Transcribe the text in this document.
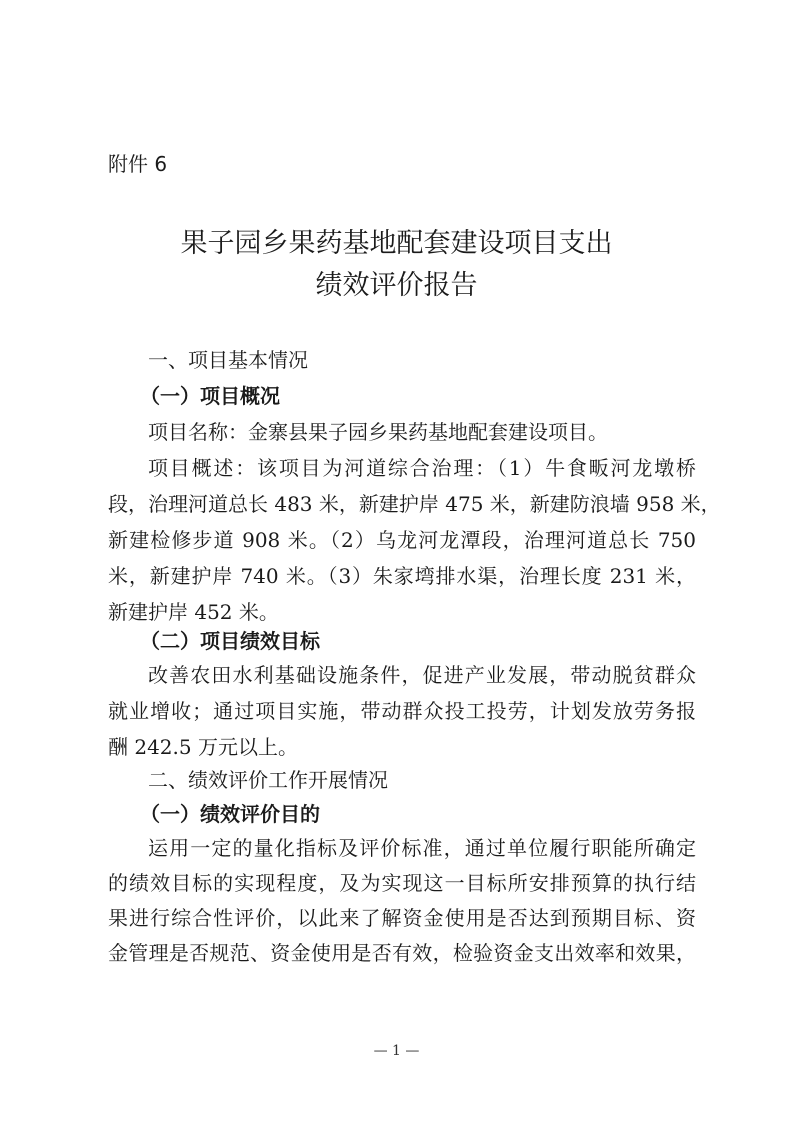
附件 6
果子园乡果药基地配套建设项目支出
绩效评价报告
一、项目基本情况
（一）项目概况
项目名称：金寨县果子园乡果药基地配套建设项目。
项目概述：该项目为河道综合治理：（1）牛食畈河龙墩桥
段，治理河道总长 483 米，新建护岸 475 米，新建防浪墙 958 米，
新建检修步道 908 米。（2）乌龙河龙潭段，治理河道总长 750
米，新建护岸 740 米。（3）朱家塆排水渠，治理长度 231 米，
新建护岸 452 米。
（二）项目绩效目标
改善农田水利基础设施条件，促进产业发展，带动脱贫群众
就业增收；通过项目实施，带动群众投工投劳，计划发放劳务报
酬 242.5 万元以上。
二、绩效评价工作开展情况
（一）绩效评价目的
运用一定的量化指标及评价标准，通过单位履行职能所确定
的绩效目标的实现程度，及为实现这一目标所安排预算的执行结
果进行综合性评价，以此来了解资金使用是否达到预期目标、资
金管理是否规范、资金使用是否有效，检验资金支出效率和效果，
— 1 —
